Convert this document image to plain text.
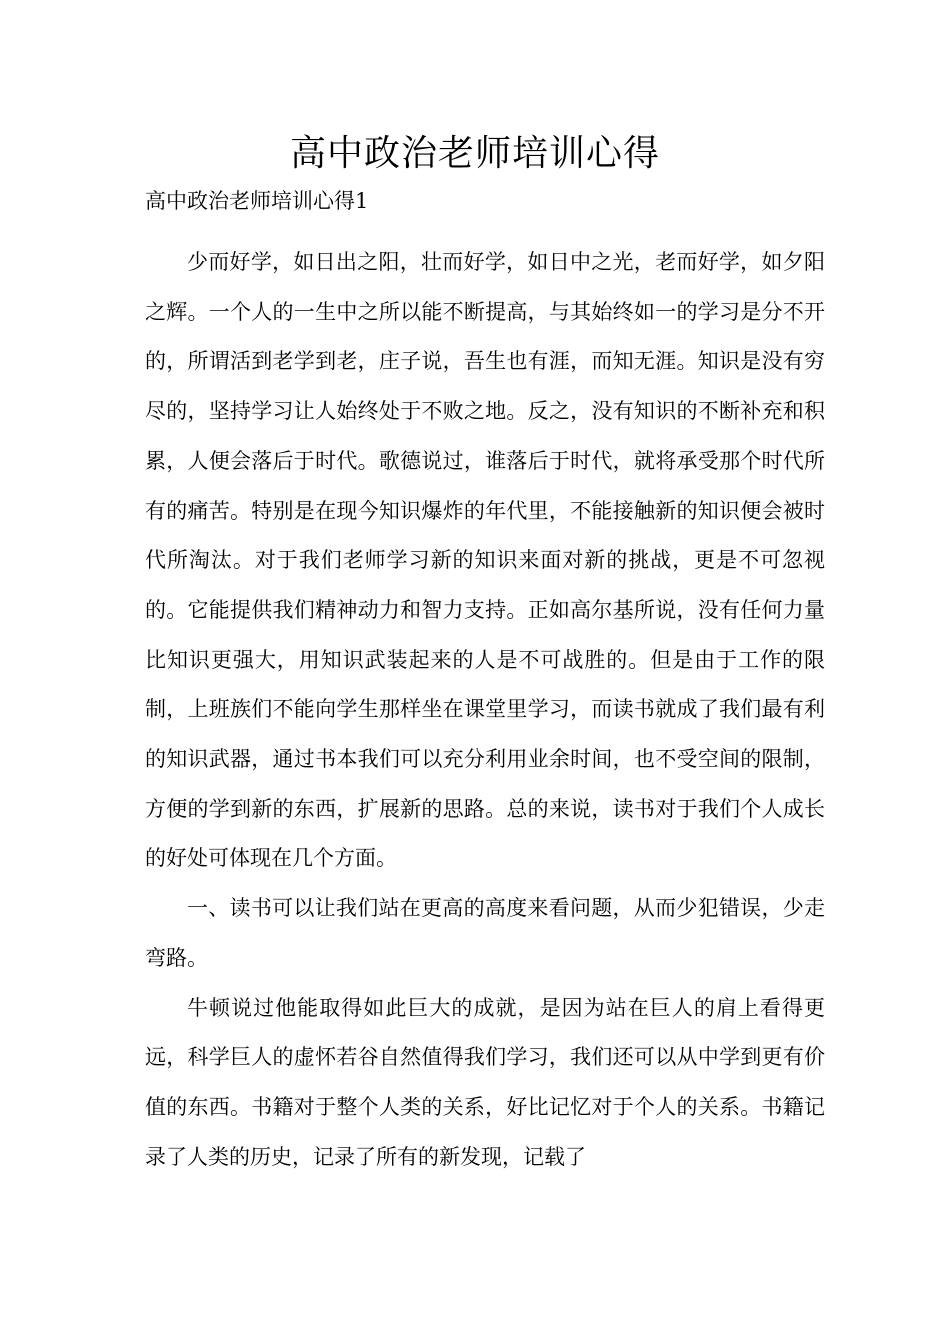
高中政治老师培训心得

高中政治老师培训心得1

少而好学，如日出之阳，壮而好学，如日中之光，老而好学，如夕阳之辉。一个人的一生中之所以能不断提高，与其始终如一的学习是分不开的，所谓活到老学到老，庄子说，吾生也有涯，而知无涯。知识是没有穷尽的，坚持学习让人始终处于不败之地。反之，没有知识的不断补充和积累，人便会落后于时代。歌德说过，谁落后于时代，就将承受那个时代所有的痛苦。特别是在现今知识爆炸的年代里，不能接触新的知识便会被时代所淘汰。对于我们老师学习新的知识来面对新的挑战，更是不可忽视的。它能提供我们精神动力和智力支持。正如高尔基所说，没有任何力量比知识更强大，用知识武装起来的人是不可战胜的。但是由于工作的限制，上班族们不能向学生那样坐在课堂里学习，而读书就成了我们最有利的知识武器，通过书本我们可以充分利用业余时间，也不受空间的限制，方便的学到新的东西，扩展新的思路。总的来说，读书对于我们个人成长的好处可体现在几个方面。

一、读书可以让我们站在更高的高度来看问题，从而少犯错误，少走弯路。

牛顿说过他能取得如此巨大的成就，是因为站在巨人的肩上看得更远，科学巨人的虚怀若谷自然值得我们学习，我们还可以从中学到更有价值的东西。书籍对于整个人类的关系，好比记忆对于个人的关系。书籍记录了人类的历史，记录了所有的新发现，记载了
